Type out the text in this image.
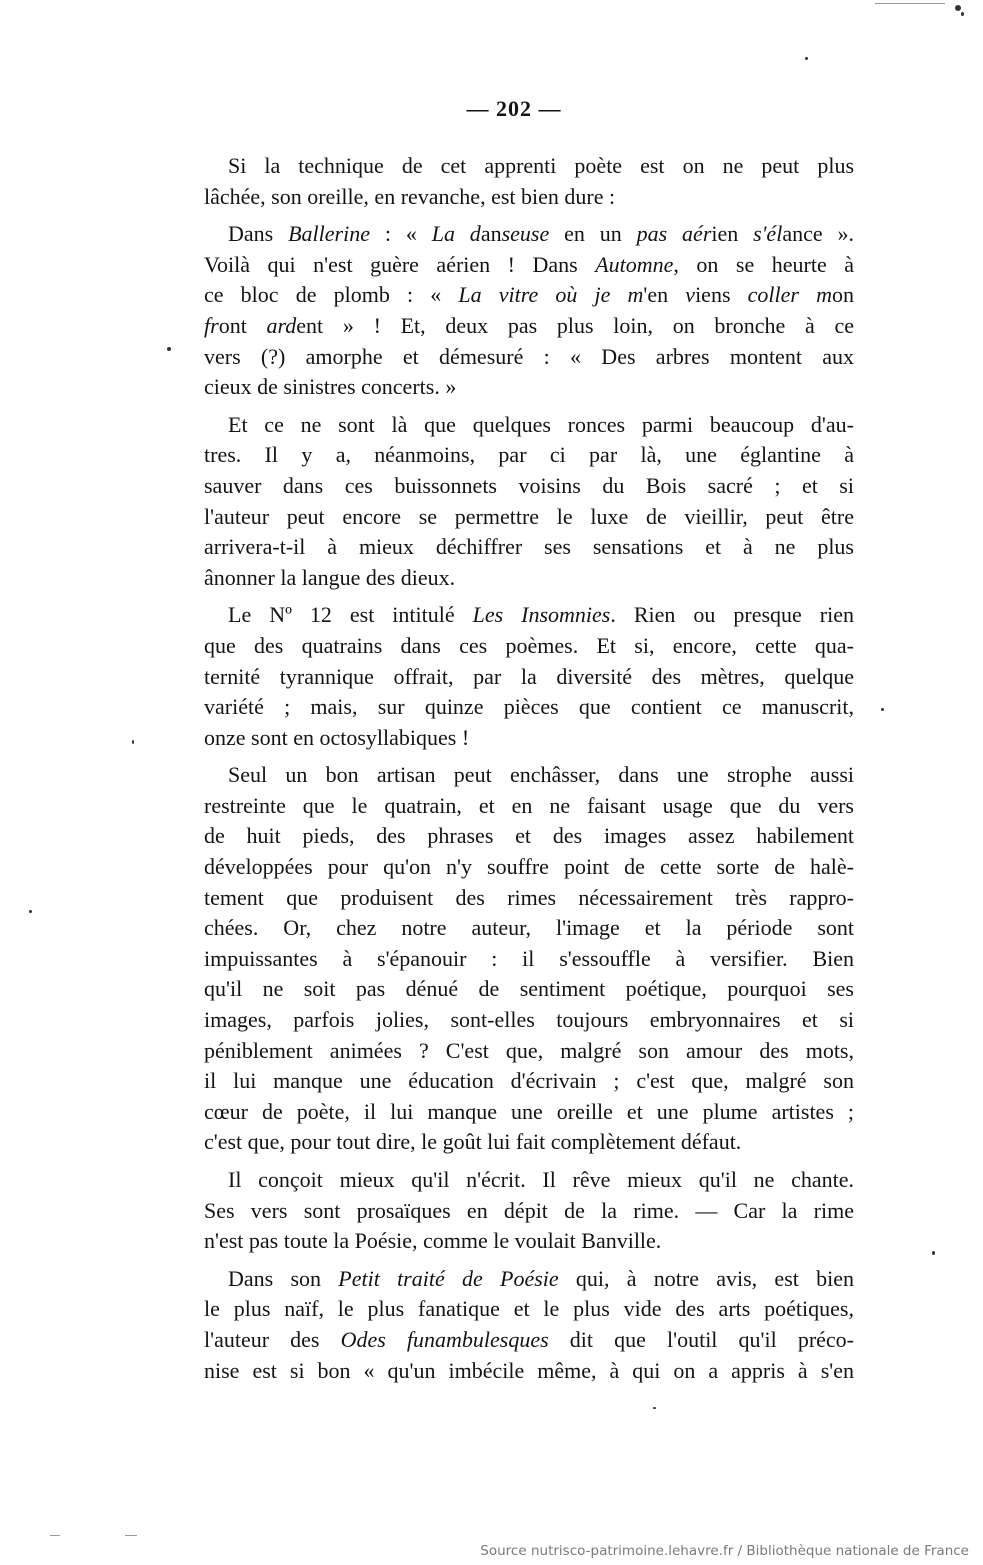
— 202 —
Si la technique de cet apprenti poète est on ne peut plus
lâchée, son oreille, en revanche, est bien dure :
Dans Ballerine : « La danseuse en un pas aérien s'élance ».
Voilà qui n'est guère aérien ! Dans Automne, on se heurte à
ce bloc de plomb : « La vitre où je m'en viens coller mon
front ardent » ! Et, deux pas plus loin, on bronche à ce
vers (?) amorphe et démesuré : « Des arbres montent aux
cieux de sinistres concerts. »
Et ce ne sont là que quelques ronces parmi beaucoup d'au-
tres. Il y a, néanmoins, par ci par là, une églantine à
sauver dans ces buissonnets voisins du Bois sacré ; et si
l'auteur peut encore se permettre le luxe de vieillir, peut être
arrivera-t-il à mieux déchiffrer ses sensations et à ne plus
ânonner la langue des dieux.
Le Nº 12 est intitulé Les Insomnies. Rien ou presque rien
que des quatrains dans ces poèmes. Et si, encore, cette qua-
ternité tyrannique offrait, par la diversité des mètres, quelque
variété ; mais, sur quinze pièces que contient ce manuscrit,
onze sont en octosyllabiques !
Seul un bon artisan peut enchâsser, dans une strophe aussi
restreinte que le quatrain, et en ne faisant usage que du vers
de huit pieds, des phrases et des images assez habilement
développées pour qu'on n'y souffre point de cette sorte de halè-
tement que produisent des rimes nécessairement très rappro-
chées. Or, chez notre auteur, l'image et la période sont
impuissantes à s'épanouir : il s'essouffle à versifier. Bien
qu'il ne soit pas dénué de sentiment poétique, pourquoi ses
images, parfois jolies, sont-elles toujours embryonnaires et si
péniblement animées ? C'est que, malgré son amour des mots,
il lui manque une éducation d'écrivain ; c'est que, malgré son
cœur de poète, il lui manque une oreille et une plume artistes ;
c'est que, pour tout dire, le goût lui fait complètement défaut.
Il conçoit mieux qu'il n'écrit. Il rêve mieux qu'il ne chante.
Ses vers sont prosaïques en dépit de la rime. — Car la rime
n'est pas toute la Poésie, comme le voulait Banville.
Dans son Petit traité de Poésie qui, à notre avis, est bien
le plus naïf, le plus fanatique et le plus vide des arts poétiques,
l'auteur des Odes funambulesques dit que l'outil qu'il préco-
nise est si bon « qu'un imbécile même, à qui on a appris à s'en
Source nutrisco-patrimoine.lehavre.fr / Bibliothèque nationale de France
